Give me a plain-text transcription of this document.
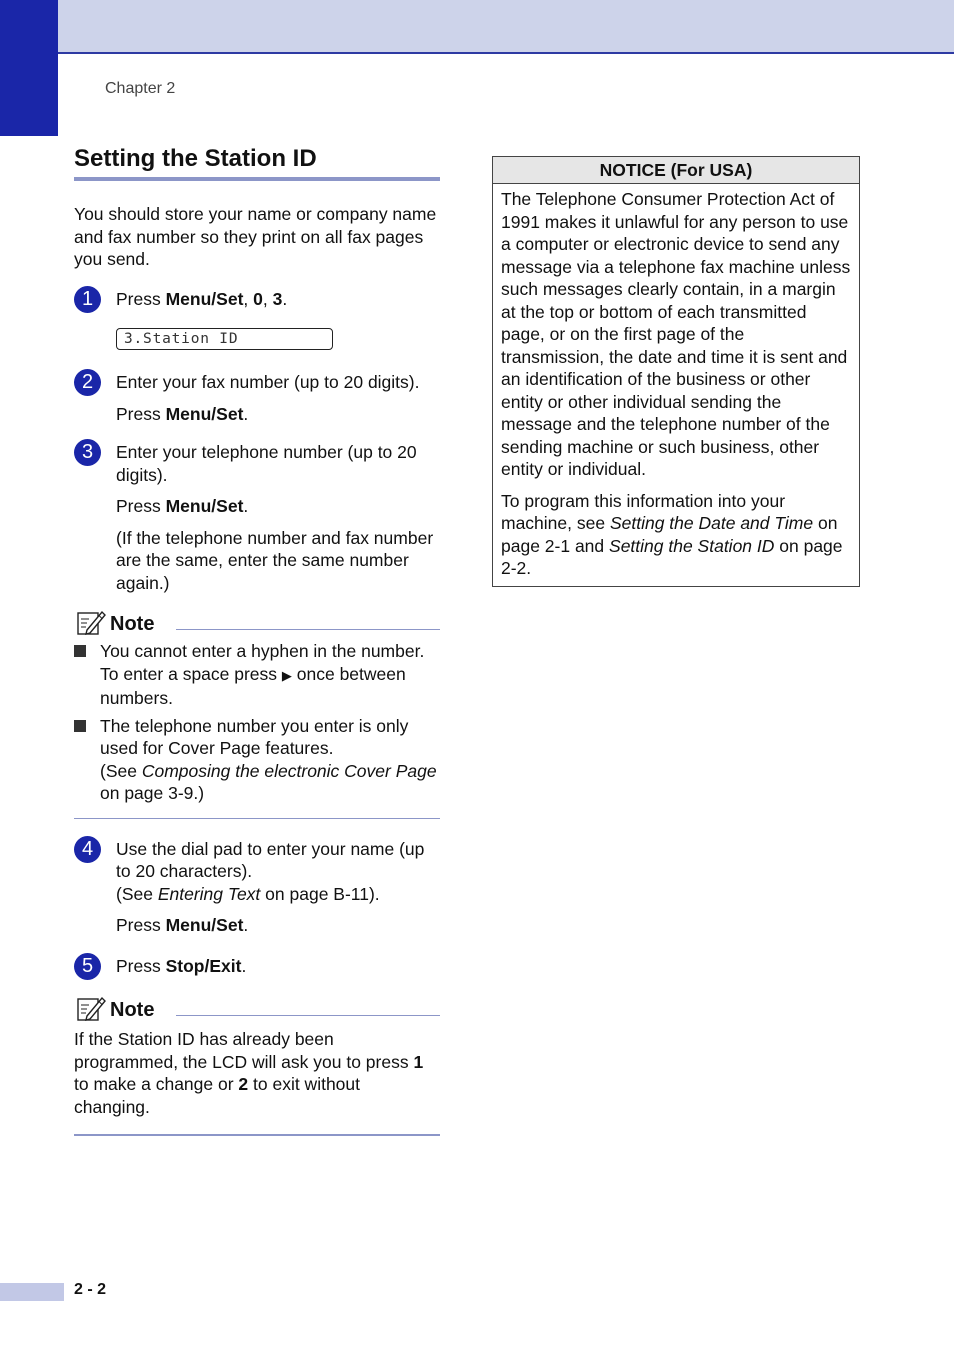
Chapter 2
Setting the Station ID

You should store your name or company name and fax number so they print on all fax pages you send.

1	Press Menu/Set, 0, 3.

3.Station ID
2	Enter your fax number (up to 20 digits).

Press Menu/Set.

3	Enter your telephone number (up to 20 digits).

Press Menu/Set.

(If the telephone number and fax number are the same, enter the same number again.)

Note

You cannot enter a hyphen in the number. To enter a space press ▶ once between numbers.

The telephone number you enter is only used for Cover Page features.

(See Composing the electronic Cover Page on page 3-9.)

4	Use the dial pad to enter your name (up to 20 characters).

(See Entering Text on page B-11).

Press Menu/Set.

5	Press Stop/Exit.

Note

If the Station ID has already been programmed, the LCD will ask you to press 1 to make a change or 2 to exit without changing.

NOTICE (For USA)

The Telephone Consumer Protection Act of 1991 makes it unlawful for any person to use a computer or electronic device to send any message via a telephone fax machine unless such messages clearly contain, in a margin at the top or bottom of each transmitted page, or on the first page of the transmission, the date and time it is sent and an identification of the business or other entity or other individual sending the message and the telephone number of the sending machine or such business, other entity or individual.

To program this information into your machine, see Setting the Date and Time on page 2-1 and Setting the Station ID on page 2-2.

2 - 2
